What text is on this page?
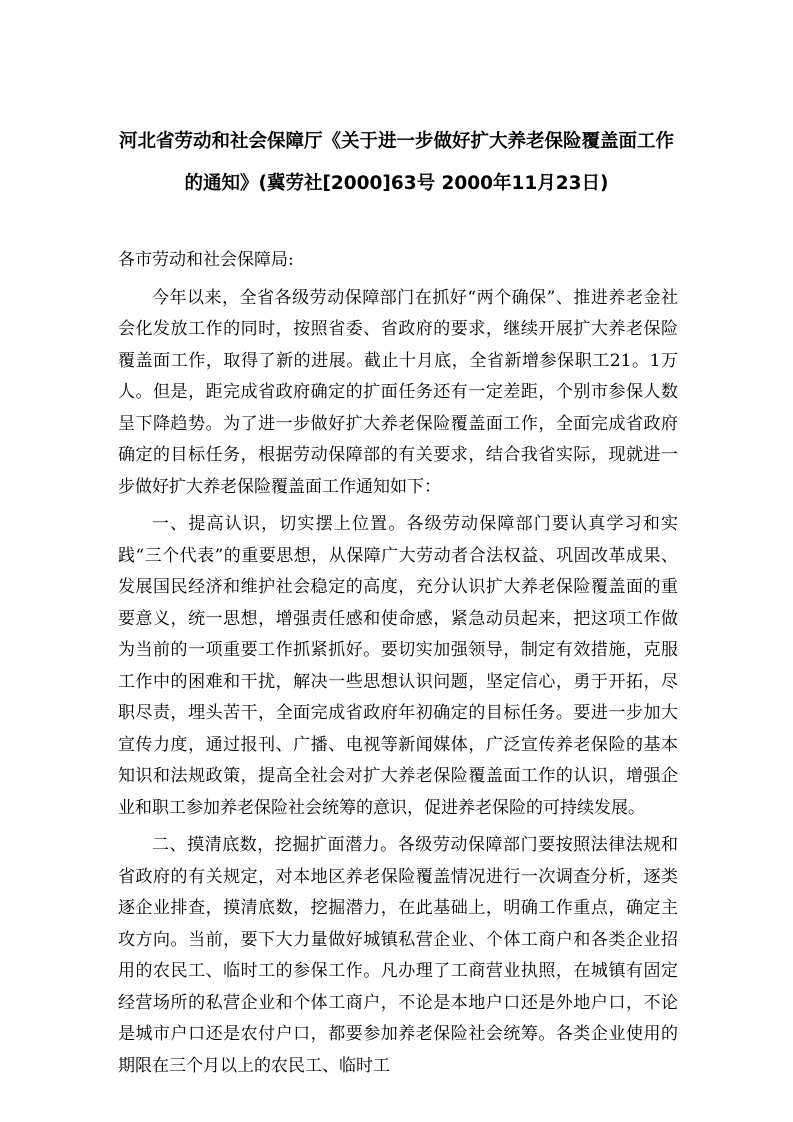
河北省劳动和社会保障厅《关于进一步做好扩大养老保险覆盖面工作
的通知》(冀劳社[2000]63号 2000年11月23日)
各市劳动和社会保障局:

今年以来，全省各级劳动保障部门在抓好“两个确保”、推进养老金社会化发放工作的同时，按照省委、省政府的要求，继续开展扩大养老保险覆盖面工作，取得了新的进展。截止十月底，全省新增参保职工21。1万人。但是，距完成省政府确定的扩面任务还有一定差距，个别市参保人数呈下降趋势。为了进一步做好扩大养老保险覆盖面工作，全面完成省政府确定的目标任务，根据劳动保障部的有关要求，结合我省实际，现就进一步做好扩大养老保险覆盖面工作通知如下：

一、提高认识，切实摆上位置。各级劳动保障部门要认真学习和实践“三个代表”的重要思想，从保障广大劳动者合法权益、巩固改革成果、发展国民经济和维护社会稳定的高度，充分认识扩大养老保险覆盖面的重要意义，统一思想，增强责任感和使命感，紧急动员起来，把这项工作做为当前的一项重要工作抓紧抓好。要切实加强领导，制定有效措施，克服工作中的困难和干扰，解决一些思想认识问题，坚定信心，勇于开拓，尽职尽责，埋头苦干，全面完成省政府年初确定的目标任务。要进一步加大宣传力度，通过报刊、广播、电视等新闻媒体，广泛宣传养老保险的基本知识和法规政策，提高全社会对扩大养老保险覆盖面工作的认识，增强企业和职工参加养老保险社会统筹的意识，促进养老保险的可持续发展。

二、摸清底数，挖掘扩面潜力。各级劳动保障部门要按照法律法规和省政府的有关规定，对本地区养老保险覆盖情况进行一次调查分析，逐类逐企业排查，摸清底数，挖掘潜力，在此基础上，明确工作重点，确定主攻方向。当前，要下大力量做好城镇私营企业、个体工商户和各类企业招用的农民工、临时工的参保工作。凡办理了工商营业执照，在城镇有固定经营场所的私营企业和个体工商户，不论是本地户口还是外地户口，不论是城市户口还是农付户口，都要参加养老保险社会统筹。各类企业使用的期限在三个月以上的农民工、临时工
